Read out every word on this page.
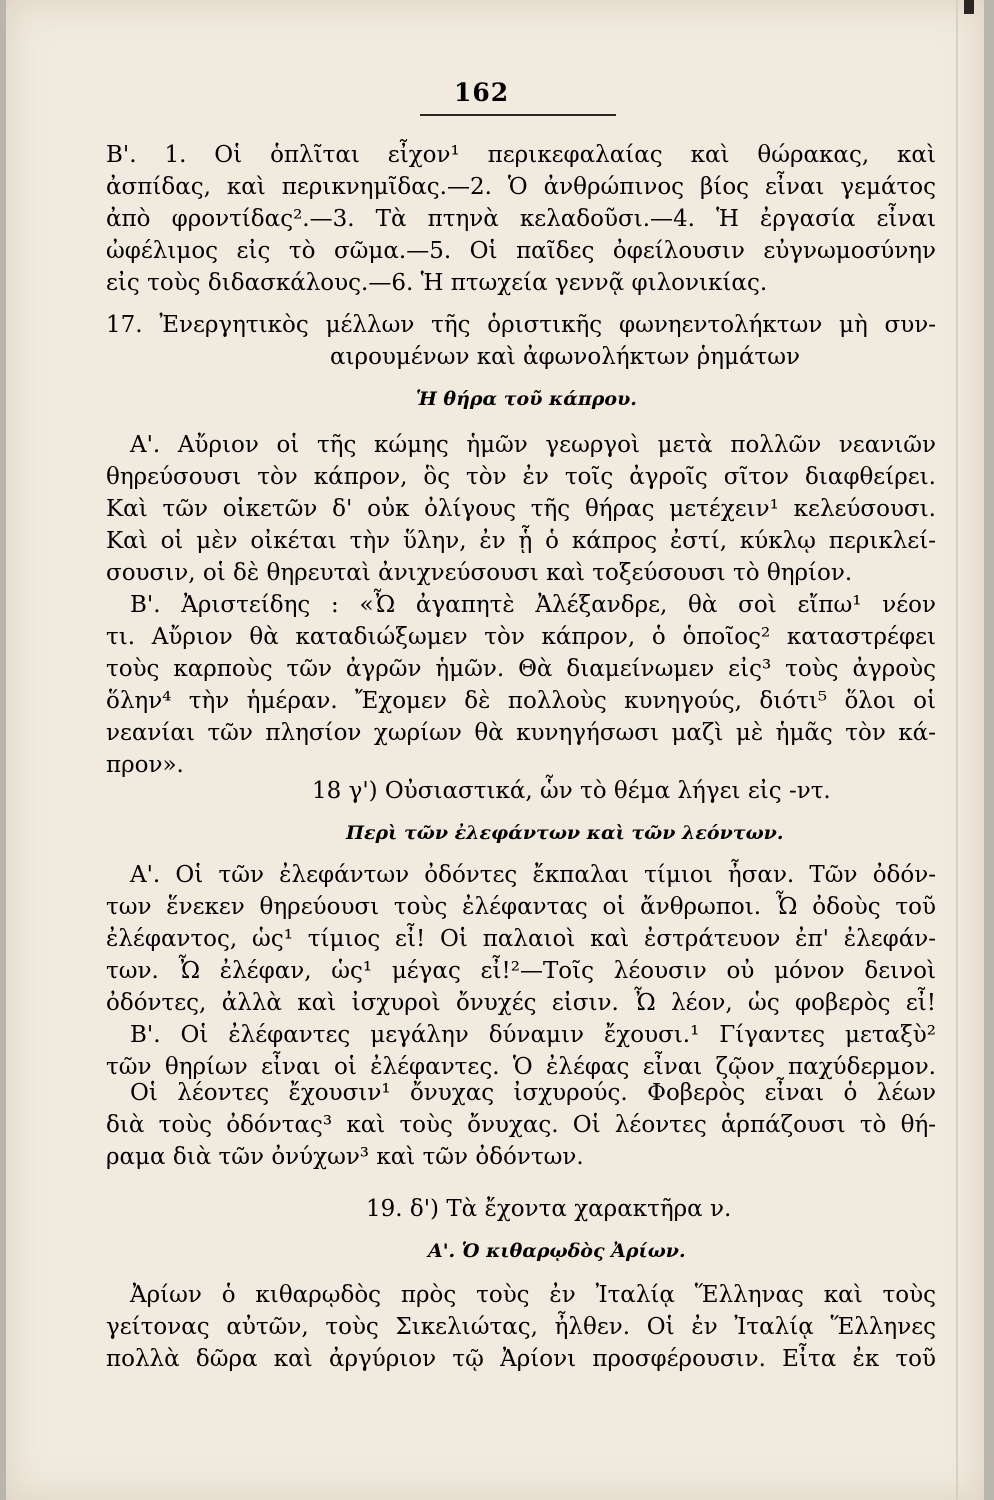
162
Β'. 1. Οἱ ὁπλῖται εἶχον¹ περικεφαλαίας καὶ θώρακας, καὶ
ἀσπίδας, καὶ περικνημῖδας.—2. Ὁ ἀνθρώπινος βίος εἶναι γεμάτος
ἀπὸ φροντίδας².—3. Τὰ πτηνὰ κελαδοῦσι.—4. Ἡ ἐργασία εἶναι
ὠφέλιμος εἰς τὸ σῶμα.—5. Οἱ παῖδες ὀφείλουσιν εὐγνωμοσύνην
εἰς τοὺς διδασκάλους.—6. Ἡ πτωχεία γεννᾷ φιλονικίας.
17. Ἐνεργητικὸς μέλλων τῆς ὁριστικῆς φωνηεντολήκτων μὴ συν-
αιρουμένων καὶ ἀφωνολήκτων ῥημάτων
Ἡ θήρα τοῦ κάπρου.
Α'. Αὔριον οἱ τῆς κώμης ἡμῶν γεωργοὶ μετὰ πολλῶν νεανιῶν
θηρεύσουσι τὸν κάπρον, ὃς τὸν ἐν τοῖς ἀγροῖς σῖτον διαφθείρει.
Καὶ τῶν οἰκετῶν δ' οὐκ ὀλίγους τῆς θήρας μετέχειν¹ κελεύσουσι.
Καὶ οἱ μὲν οἰκέται τὴν ὕλην, ἐν ᾗ ὁ κάπρος ἐστί, κύκλῳ περικλεί-
σουσιν, οἱ δὲ θηρευταὶ ἀνιχνεύσουσι καὶ τοξεύσουσι τὸ θηρίον.
Β'. Ἀριστείδης : «Ὦ ἀγαπητὲ Ἀλέξανδρε, θὰ σοὶ εἴπω¹ νέον
τι. Αὔριον θὰ καταδιώξωμεν τὸν κάπρον, ὁ ὁποῖος² καταστρέφει
τοὺς καρποὺς τῶν ἀγρῶν ἡμῶν. Θὰ διαμείνωμεν εἰς³ τοὺς ἀγροὺς
ὅλην⁴ τὴν ἡμέραν. Ἔχομεν δὲ πολλοὺς κυνηγούς, διότι⁵ ὅλοι οἱ
νεανίαι τῶν πλησίον χωρίων θὰ κυνηγήσωσι μαζὶ μὲ ἡμᾶς τὸν κά-
προν».
18 γ') Οὐσιαστικά, ὧν τὸ θέμα λήγει εἰς -ντ.
Περὶ τῶν ἐλεφάντων καὶ τῶν λεόντων.
Α'. Οἱ τῶν ἐλεφάντων ὀδόντες ἔκπαλαι τίμιοι ἦσαν. Τῶν ὀδόν-
των ἕνεκεν θηρεύουσι τοὺς ἐλέφαντας οἱ ἄνθρωποι. Ὦ ὀδοὺς τοῦ
ἐλέφαντος, ὡς¹ τίμιος εἶ! Οἱ παλαιοὶ καὶ ἐστράτευον ἐπ' ἐλεφάν-
των. Ὦ ἐλέφαν, ὡς¹ μέγας εἶ!²—Τοῖς λέουσιν οὐ μόνον δεινοὶ
ὀδόντες, ἀλλὰ καὶ ἰσχυροὶ ὄνυχές εἰσιν. Ὦ λέον, ὡς φοβερὸς εἶ!
Β'. Οἱ ἐλέφαντες μεγάλην δύναμιν ἔχουσι.¹ Γίγαντες μεταξὺ²
τῶν θηρίων εἶναι οἱ ἐλέφαντες. Ὁ ἐλέφας εἶναι ζῷον παχύδερμον.
Οἱ λέοντες ἔχουσιν¹ ὄνυχας ἰσχυρούς. Φοβερὸς εἶναι ὁ λέων
διὰ τοὺς ὀδόντας³ καὶ τοὺς ὄνυχας. Οἱ λέοντες ἁρπάζουσι τὸ θή-
ραμα διὰ τῶν ὀνύχων³ καὶ τῶν ὀδόντων.
19. δ') Τὰ ἔχοντα χαρακτῆρα ν.
Α'. Ὁ κιθαρῳδὸς Ἀρίων.
Ἀρίων ὁ κιθαρῳδὸς πρὸς τοὺς ἐν Ἰταλίᾳ Ἕλληνας καὶ τοὺς
γείτονας αὐτῶν, τοὺς Σικελιώτας, ἦλθεν. Οἱ ἐν Ἰταλίᾳ Ἕλληνες
πολλὰ δῶρα καὶ ἀργύριον τῷ Ἀρίονι προσφέρουσιν. Εἶτα ἐκ τοῦ
